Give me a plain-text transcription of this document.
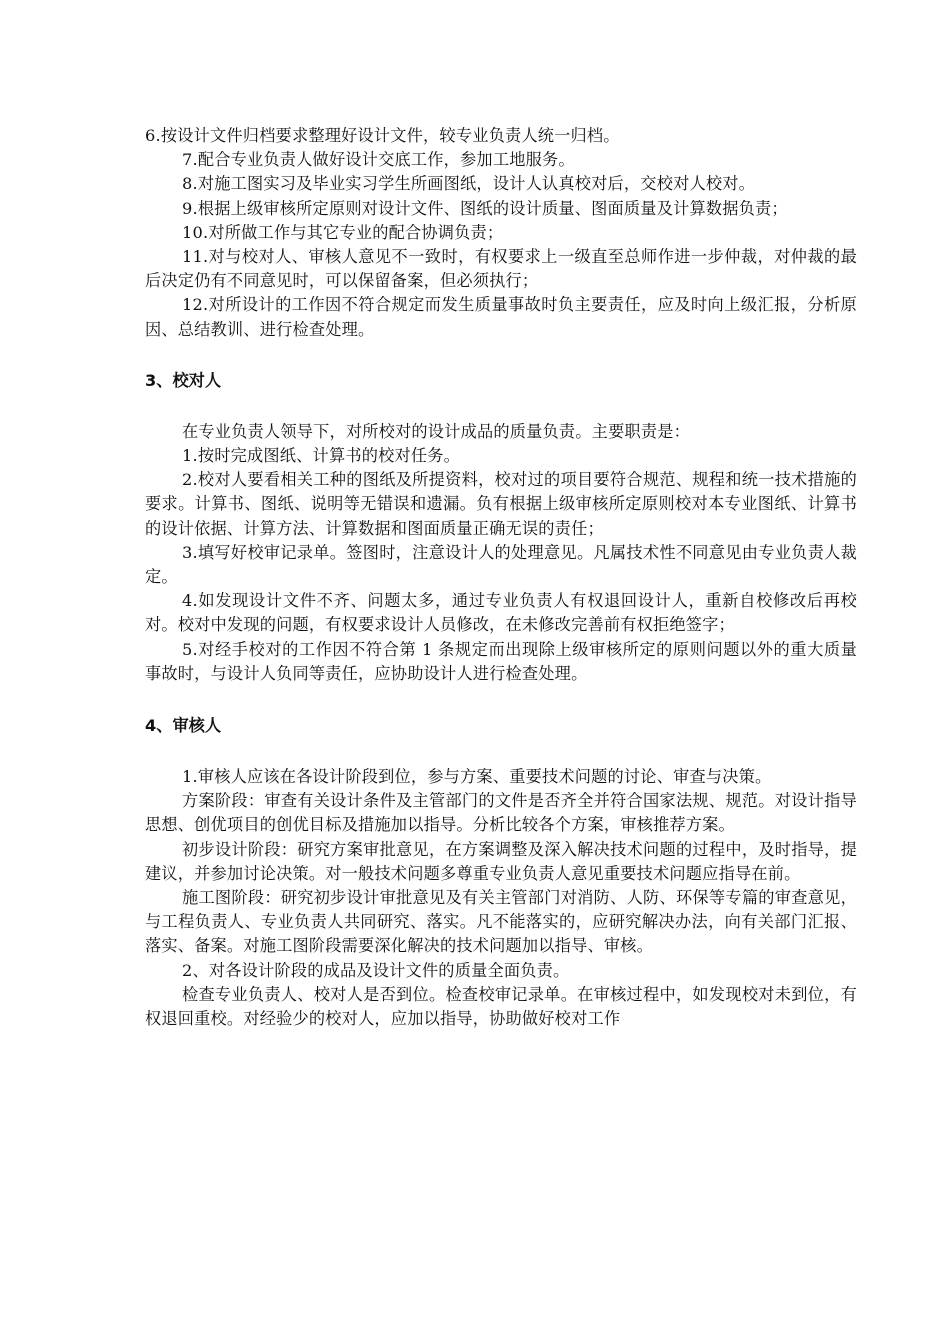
6.按设计文件归档要求整理好设计文件，较专业负责人统一归档。

7.配合专业负责人做好设计交底工作，参加工地服务。

8.对施工图实习及毕业实习学生所画图纸，设计人认真校对后，交校对人校对。

9.根据上级审核所定原则对设计文件、图纸的设计质量、图面质量及计算数据负责；

10.对所做工作与其它专业的配合协调负责；

11.对与校对人、审核人意见不一致时，有权要求上一级直至总师作进一步仲裁，对仲裁的最后决定仍有不同意见时，可以保留备案，但必须执行；

12.对所设计的工作因不符合规定而发生质量事故时负主要责任，应及时向上级汇报，分析原因、总结教训、进行检查处理。

3、校对人

在专业负责人领导下，对所校对的设计成品的质量负责。主要职责是：

1.按时完成图纸、计算书的校对任务。

2.校对人要看相关工种的图纸及所提资料，校对过的项目要符合规范、规程和统一技术措施的要求。计算书、图纸、说明等无错误和遗漏。负有根据上级审核所定原则校对本专业图纸、计算书的设计依据、计算方法、计算数据和图面质量正确无误的责任；

3.填写好校审记录单。签图时，注意设计人的处理意见。凡属技术性不同意见由专业负责人裁定。

4.如发现设计文件不齐、问题太多，通过专业负责人有权退回设计人，重新自校修改后再校对。校对中发现的问题，有权要求设计人员修改，在未修改完善前有权拒绝签字；

5.对经手校对的工作因不符合第 1 条规定而出现除上级审核所定的原则问题以外的重大质量事故时，与设计人负同等责任，应协助设计人进行检查处理。

4、审核人

1.审核人应该在各设计阶段到位，参与方案、重要技术问题的讨论、审查与决策。

方案阶段：审查有关设计条件及主管部门的文件是否齐全并符合国家法规、规范。对设计指导思想、创优项目的创优目标及措施加以指导。分析比较各个方案，审核推荐方案。

初步设计阶段：研究方案审批意见，在方案调整及深入解决技术问题的过程中，及时指导，提建议，并参加讨论决策。对一般技术问题多尊重专业负责人意见重要技术问题应指导在前。

施工图阶段：研究初步设计审批意见及有关主管部门对消防、人防、环保等专篇的审查意见，与工程负责人、专业负责人共同研究、落实。凡不能落实的，应研究解决办法，向有关部门汇报、落实、备案。对施工图阶段需要深化解决的技术问题加以指导、审核。

2、对各设计阶段的成品及设计文件的质量全面负责。

检查专业负责人、校对人是否到位。检查校审记录单。在审核过程中，如发现校对未到位，有权退回重校。对经验少的校对人，应加以指导，协助做好校对工作
